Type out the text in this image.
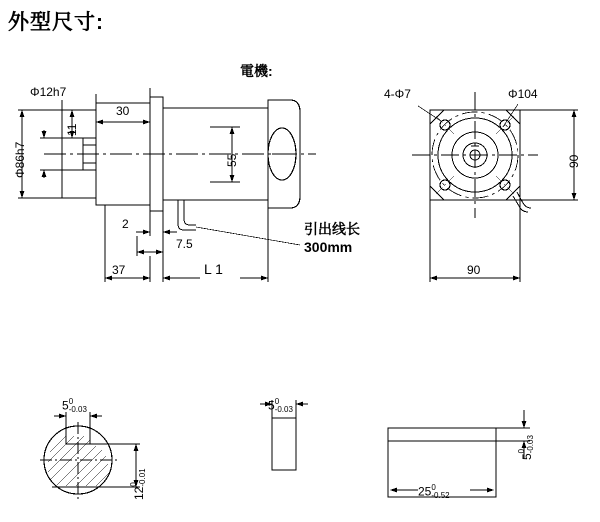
外型尺寸:
電機:
Φ12h7
Φ86h7
11
30
55
2
7.5
37	L 1
引出线长
300mm
4-Φ7	Φ104
90
90
5 0
-0.03
12
0 -0.01
5 0
-0.03
5
0 -0.03
25 0
-0.52
